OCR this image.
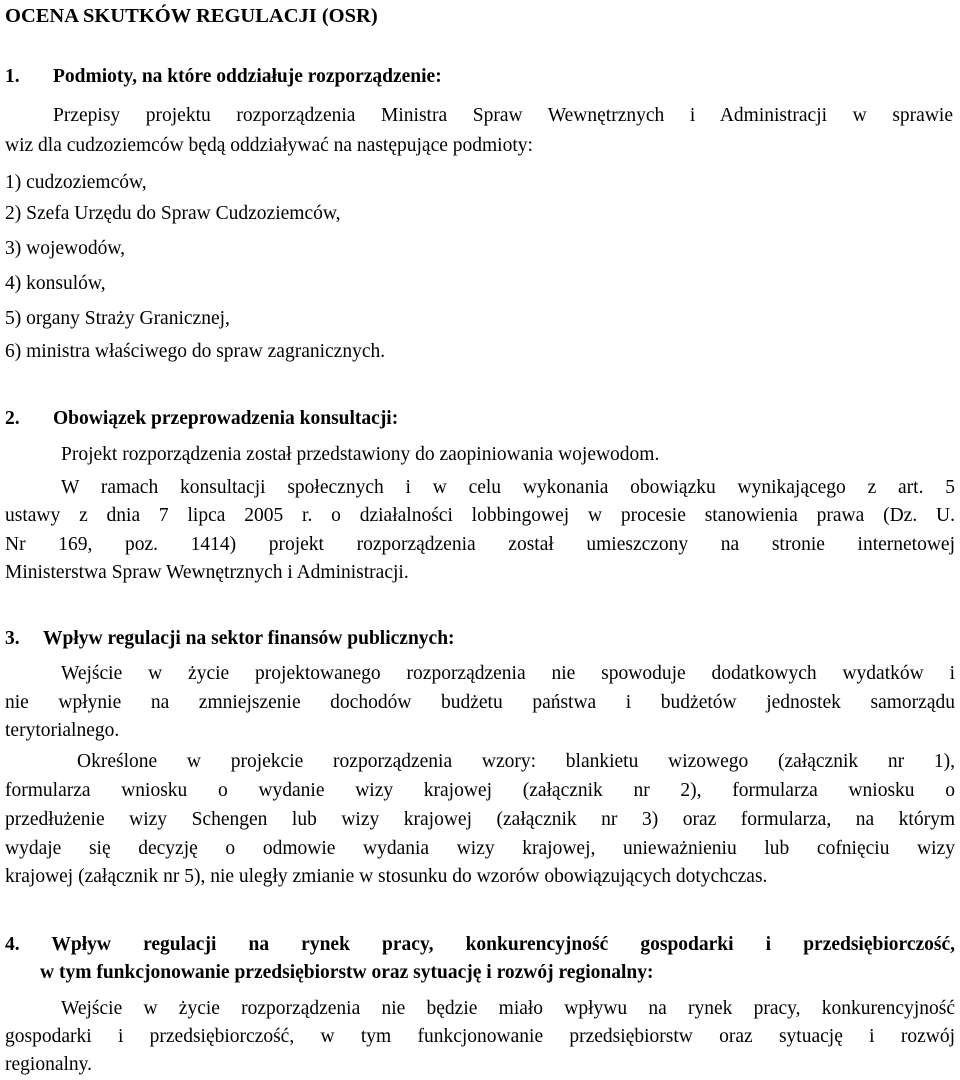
OCENA SKUTKÓW REGULACJI (OSR)
1. Podmioty, na które oddziałuje rozporządzenie:
Przepisy projektu rozporządzenia Ministra Spraw Wewnętrznych i Administracji w sprawie
wiz dla cudzoziemców będą oddziaływać na następujące podmioty:
1) cudzoziemców,
2) Szefa Urzędu do Spraw Cudzoziemców,
3) wojewodów,
4) konsulów,
5) organy Straży Granicznej,
6) ministra właściwego do spraw zagranicznych.
2. Obowiązek przeprowadzenia konsultacji:
Projekt rozporządzenia został przedstawiony do zaopiniowania wojewodom.
W ramach konsultacji społecznych i w celu wykonania obowiązku wynikającego z art. 5
ustawy z dnia 7 lipca 2005 r. o działalności lobbingowej w procesie stanowienia prawa (Dz. U.
Nr 169, poz. 1414) projekt rozporządzenia został umieszczony na stronie internetowej
Ministerstwa Spraw Wewnętrznych i Administracji.
3. Wpływ regulacji na sektor finansów publicznych:
Wejście w życie projektowanego rozporządzenia nie spowoduje dodatkowych wydatków i
nie wpłynie na zmniejszenie dochodów budżetu państwa i budżetów jednostek samorządu
terytorialnego.
Określone w projekcie rozporządzenia wzory: blankietu wizowego (załącznik nr 1),
formularza wniosku o wydanie wizy krajowej (załącznik nr 2), formularza wniosku o
przedłużenie wizy Schengen lub wizy krajowej (załącznik nr 3) oraz formularza, na którym
wydaje się decyzję o odmowie wydania wizy krajowej, unieważnieniu lub cofnięciu wizy
krajowej (załącznik nr 5), nie uległy zmianie w stosunku do wzorów obowiązujących dotychczas.
4. Wpływ regulacji na rynek pracy, konkurencyjność gospodarki i przedsiębiorczość,
w tym funkcjonowanie przedsiębiorstw oraz sytuację i rozwój regionalny:
Wejście w życie rozporządzenia nie będzie miało wpływu na rynek pracy, konkurencyjność
gospodarki i przedsiębiorczość, w tym funkcjonowanie przedsiębiorstw oraz sytuację i rozwój
regionalny.
